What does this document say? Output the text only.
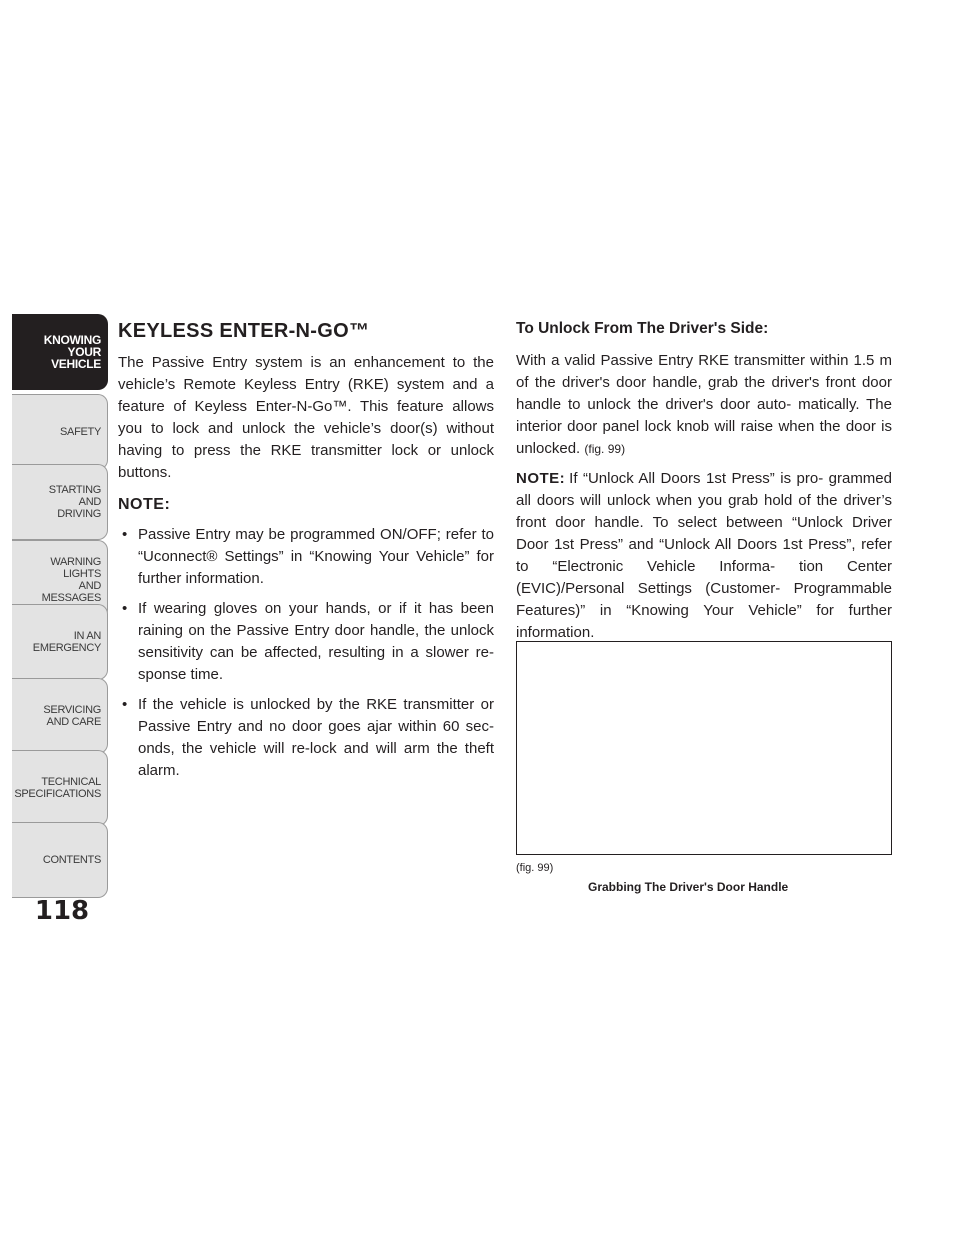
KNOWING
YOUR
VEHICLE
SAFETY
STARTING
AND
DRIVING
WARNING
LIGHTS
AND
MESSAGES
IN AN
EMERGENCY
SERVICING
AND CARE
TECHNICAL
SPECIFICATIONS
CONTENTS
118
KEYLESS ENTER-N-GO™
The Passive Entry system is an enhancement to the vehicle’s Remote Keyless Entry (RKE) system and a feature of Keyless Enter-N-Go™. This feature allows you to lock and unlock the vehicle’s door(s) without having to press the RKE transmitter lock or unlock buttons.
NOTE:
• Passive Entry may be programmed ON/OFF; refer to “Uconnect® Settings” in “Knowing Your Vehicle” for further information.
• If wearing gloves on your hands, or if it has been raining on the Passive Entry door handle, the unlock sensitivity can be affected, resulting in a slower re- sponse time.
• If the vehicle is unlocked by the RKE transmitter or Passive Entry and no door goes ajar within 60 sec- onds, the vehicle will re-lock and will arm the theft alarm.
To Unlock From The Driver's Side:
With a valid Passive Entry RKE transmitter within 1.5 m of the driver's door handle, grab the driver's front door handle to unlock the driver's door auto- matically. The interior door panel lock knob will raise when the door is unlocked. (fig. 99)
NOTE: If “Unlock All Doors 1st Press” is pro- grammed all doors will unlock when you grab hold of the driver’s front door handle. To select between “Unlock Driver Door 1st Press” and “Unlock All Doors 1st Press”, refer to “Electronic Vehicle Informa- tion Center (EVIC)/Personal Settings (Customer- Programmable Features)” in “Knowing Your Vehicle” for further information.
(fig. 99)
Grabbing The Driver's Door Handle
